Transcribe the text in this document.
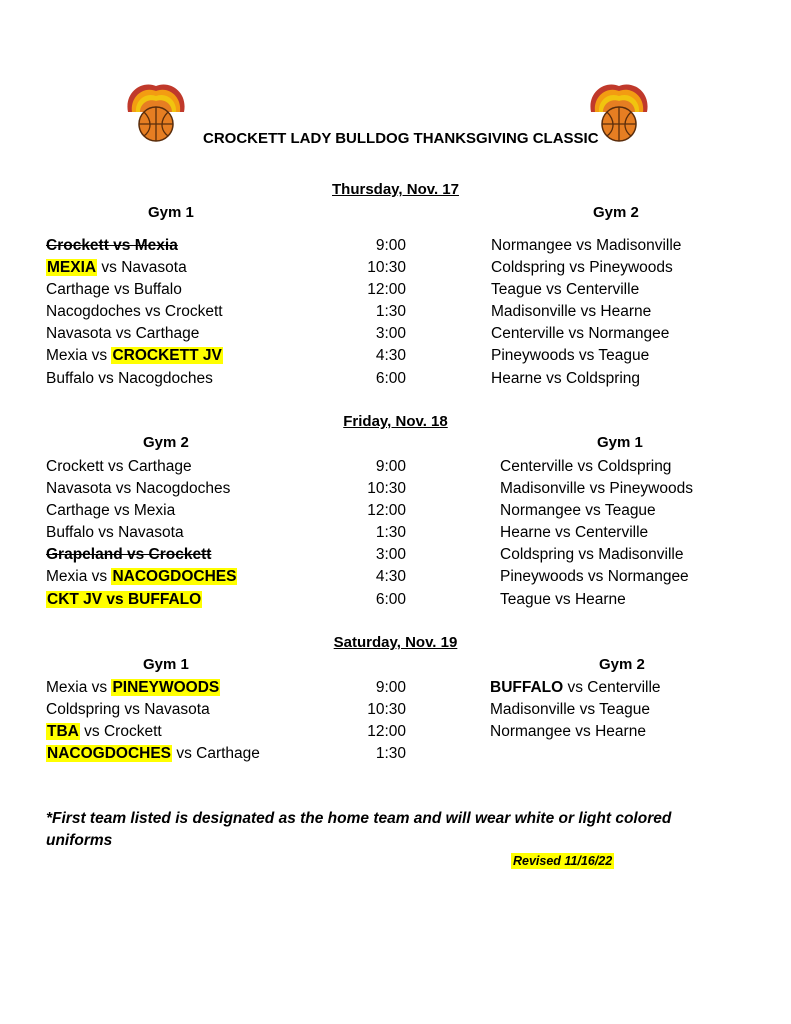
CROCKETT LADY BULLDOG THANKSGIVING CLASSIC
Thursday, Nov. 17
Gym 1	Gym 2
Crockett vs Mexia	9:00	Normangee vs Madisonville
MEXIA vs Navasota	10:30	Coldspring vs Pineywoods
Carthage vs Buffalo	12:00	Teague vs Centerville
Nacogdoches vs Crockett	1:30	Madisonville vs Hearne
Navasota vs Carthage	3:00	Centerville vs Normangee
Mexia vs CROCKETT JV	4:30	Pineywoods vs Teague
Buffalo vs Nacogdoches	6:00	Hearne vs Coldspring
Friday, Nov. 18
Gym 2	Gym 1
Crockett vs Carthage	9:00	Centerville vs Coldspring
Navasota vs Nacogdoches	10:30	Madisonville vs Pineywoods
Carthage vs Mexia	12:00	Normangee vs Teague
Buffalo vs Navasota	1:30	Hearne vs Centerville
Grapeland vs Crockett	3:00	Coldspring vs Madisonville
Mexia vs NACOGDOCHES	4:30	Pineywoods vs Normangee
CKT JV vs BUFFALO	6:00	Teague vs Hearne
Saturday, Nov. 19
Gym 1	Gym 2
Mexia vs PINEYWOODS	9:00	BUFFALO vs Centerville
Coldspring vs Navasota	10:30	Madisonville vs Teague
TBA vs Crockett	12:00	Normangee vs Hearne
NACOGDOCHES vs Carthage	1:30
*First team listed is designated as the home team and will wear white or light colored uniforms
Revised 11/16/22
